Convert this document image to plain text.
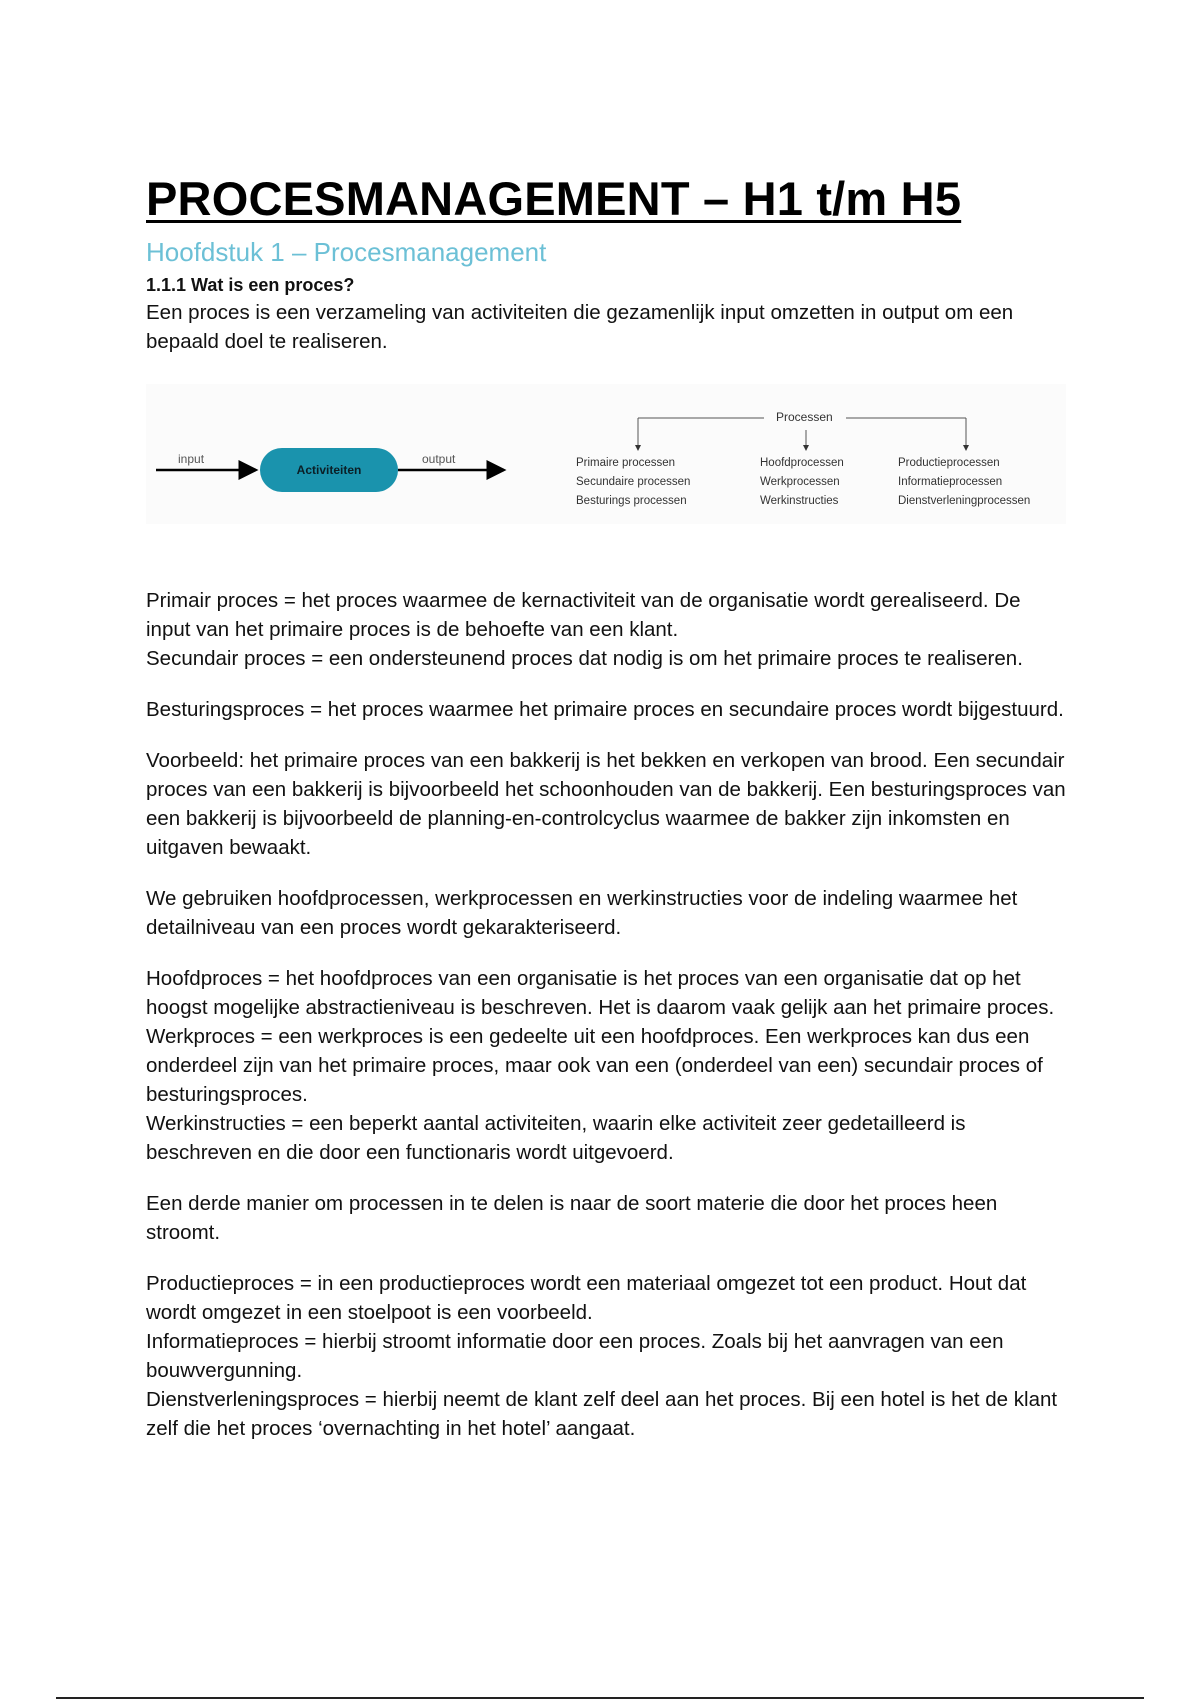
PROCESMANAGEMENT – H1 t/m H5
Hoofdstuk 1 – Procesmanagement
1.1.1 Wat is een proces?

Een proces is een verzameling van activiteiten die gezamenlijk input omzetten in output om een bepaald doel te realiseren.

input
Activiteiten
output
Processen
Primaire processen
Secundaire processen
Besturings processen
Hoofdprocessen
Werkprocessen
Werkinstructies
Productieprocessen
Informatieprocessen
Dienstverleningprocessen

Primair proces = het proces waarmee de kernactiviteit van de organisatie wordt gerealiseerd. De input van het primaire proces is de behoefte van een klant.

Secundair proces = een ondersteunend proces dat nodig is om het primaire proces te realiseren.

Besturingsproces = het proces waarmee het primaire proces en secundaire proces wordt bijgestuurd.

Voorbeeld: het primaire proces van een bakkerij is het bekken en verkopen van brood. Een secundair proces van een bakkerij is bijvoorbeeld het schoonhouden van de bakkerij. Een besturingsproces van een bakkerij is bijvoorbeeld de planning-en-controlcyclus waarmee de bakker zijn inkomsten en uitgaven bewaakt.

We gebruiken hoofdprocessen, werkprocessen en werkinstructies voor de indeling waarmee het detailniveau van een proces wordt gekarakteriseerd.

Hoofdproces = het hoofdproces van een organisatie is het proces van een organisatie dat op het hoogst mogelijke abstractieniveau is beschreven. Het is daarom vaak gelijk aan het primaire proces.

Werkproces = een werkproces is een gedeelte uit een hoofdproces. Een werkproces kan dus een onderdeel zijn van het primaire proces, maar ook van een (onderdeel van een) secundair proces of besturingsproces.

Werkinstructies = een beperkt aantal activiteiten, waarin elke activiteit zeer gedetailleerd is beschreven en die door een functionaris wordt uitgevoerd.

Een derde manier om processen in te delen is naar de soort materie die door het proces heen stroomt.

Productieproces = in een productieproces wordt een materiaal omgezet tot een product. Hout dat wordt omgezet in een stoelpoot is een voorbeeld.

Informatieproces = hierbij stroomt informatie door een proces. Zoals bij het aanvragen van een bouwvergunning.

Dienstverleningsproces = hierbij neemt de klant zelf deel aan het proces. Bij een hotel is het de klant zelf die het proces ‘overnachting in het hotel’ aangaat.
